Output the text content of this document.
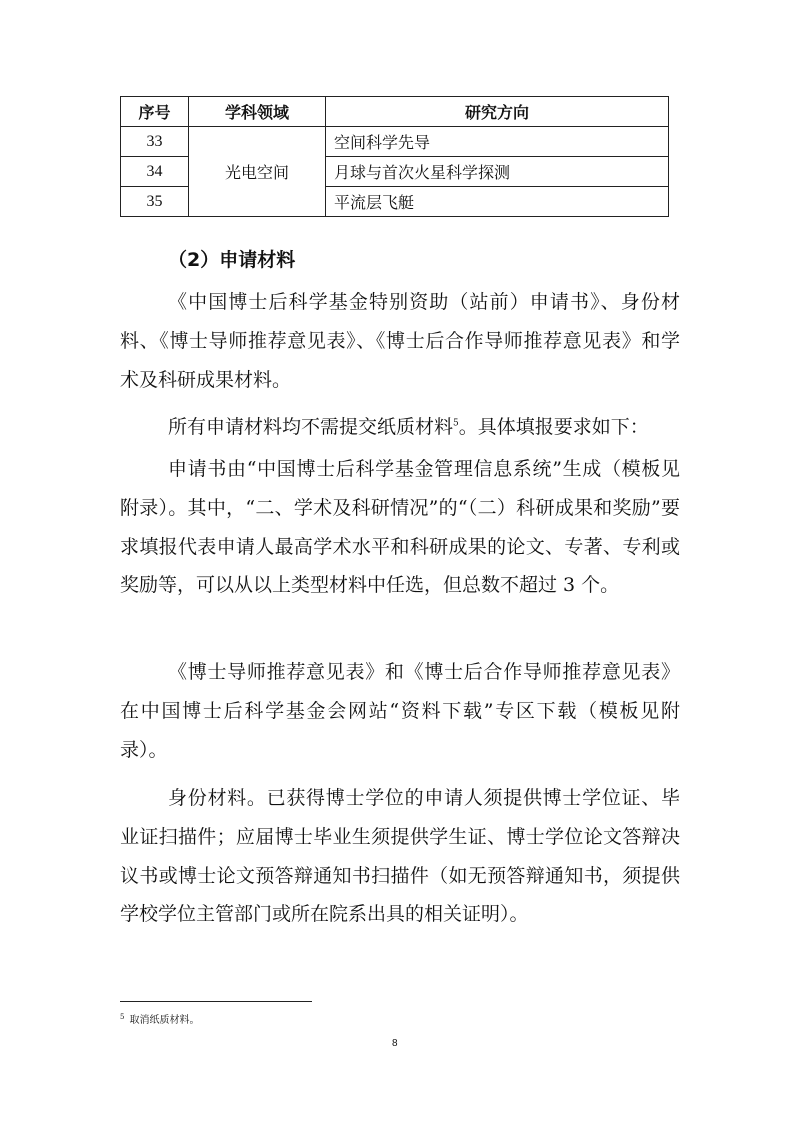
序号	学科领域	研究方向
33	光电空间	空间科学先导
34		月球与首次火星科学探测
35		平流层飞艇
（2）申请材料

《中国博士后科学基金特别资助（站前）申请书》、身份材料、《博士导师推荐意见表》、《博士后合作导师推荐意见表》和学术及科研成果材料。

所有申请材料均不需提交纸质材料$^5$。具体填报要求如下：

申请书由“中国博士后科学基金管理信息系统”生成（模板见附录）。其中，“二、学术及科研情况”的“（二）科研成果和奖励”要求填报代表申请人最高学术水平和科研成果的论文、专著、专利或奖励等，可以从以上类型材料中任选，但总数不超过 3 个。

《博士导师推荐意见表》和《博士后合作导师推荐意见表》在中国博士后科学基金会网站“资料下载”专区下载（模板见附录）。

身份材料。已获得博士学位的申请人须提供博士学位证、毕业证扫描件；应届博士毕业生须提供学生证、博士学位论文答辩决议书或博士论文预答辩通知书扫描件（如无预答辩通知书，须提供学校学位主管部门或所在院系出具的相关证明）。

$^5$ 取消纸质材料。
8
